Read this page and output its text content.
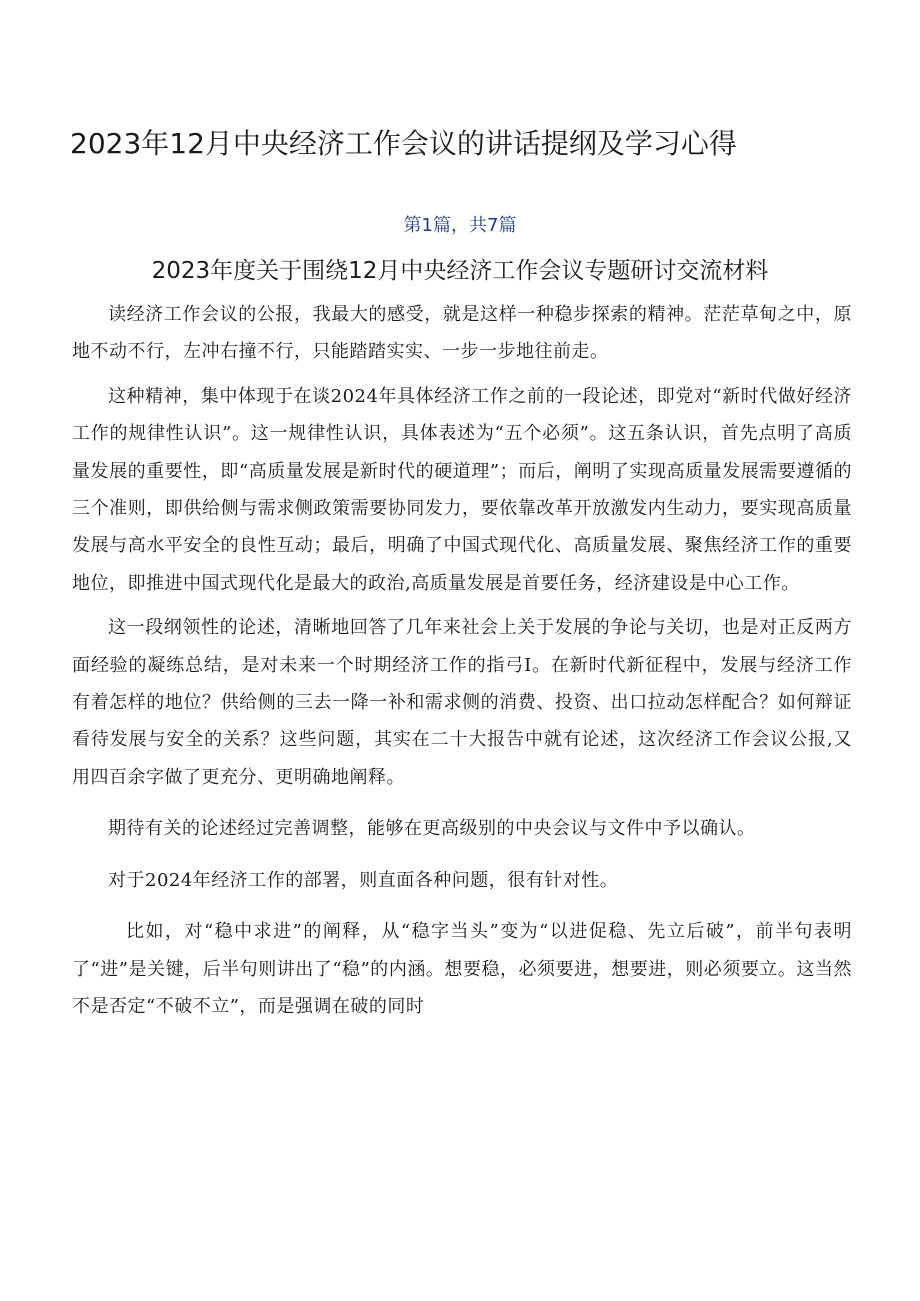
2023年12月中央经济工作会议的讲话提纲及学习心得
第1篇，共7篇
2023年度关于围绕12月中央经济工作会议专题研讨交流材料

读经济工作会议的公报，我最大的感受，就是这样一种稳步探索的精神。茫茫草甸之中，原地不动不行，左冲右撞不行，只能踏踏实实、一步一步地往前走。

这种精神，集中体现于在谈2024年具体经济工作之前的一段论述，即党对“新时代做好经济工作的规律性认识”。这一规律性认识，具体表述为“五个必须”。这五条认识，首先点明了高质量发展的重要性，即“高质量发展是新时代的硬道理”；而后，阐明了实现高质量发展需要遵循的三个准则，即供给侧与需求侧政策需要协同发力，要依靠改革开放激发内生动力，要实现高质量发展与高水平安全的良性互动；最后，明确了中国式现代化、高质量发展、聚焦经济工作的重要地位，即推进中国式现代化是最大的政治,高质量发展是首要任务，经济建设是中心工作。

这一段纲领性的论述，清晰地回答了几年来社会上关于发展的争论与关切，也是对正反两方面经验的凝练总结，是对未来一个时期经济工作的指弓I。在新时代新征程中，发展与经济工作有着怎样的地位？供给侧的三去一降一补和需求侧的消费、投资、出口拉动怎样配合？如何辩证看待发展与安全的关系？这些问题，其实在二十大报告中就有论述，这次经济工作会议公报,又用四百余字做了更充分、更明确地阐释。

期待有关的论述经过完善调整，能够在更高级别的中央会议与文件中予以确认。

对于2024年经济工作的部署，则直面各种问题，很有针对性。

比如，对“稳中求进”的阐释，从“稳字当头”变为“以进促稳、先立后破”，前半句表明了“进”是关键，后半句则讲出了“稳”的内涵。想要稳，必须要进，想要进，则必须要立。这当然不是否定“不破不立”，而是强调在破的同时
